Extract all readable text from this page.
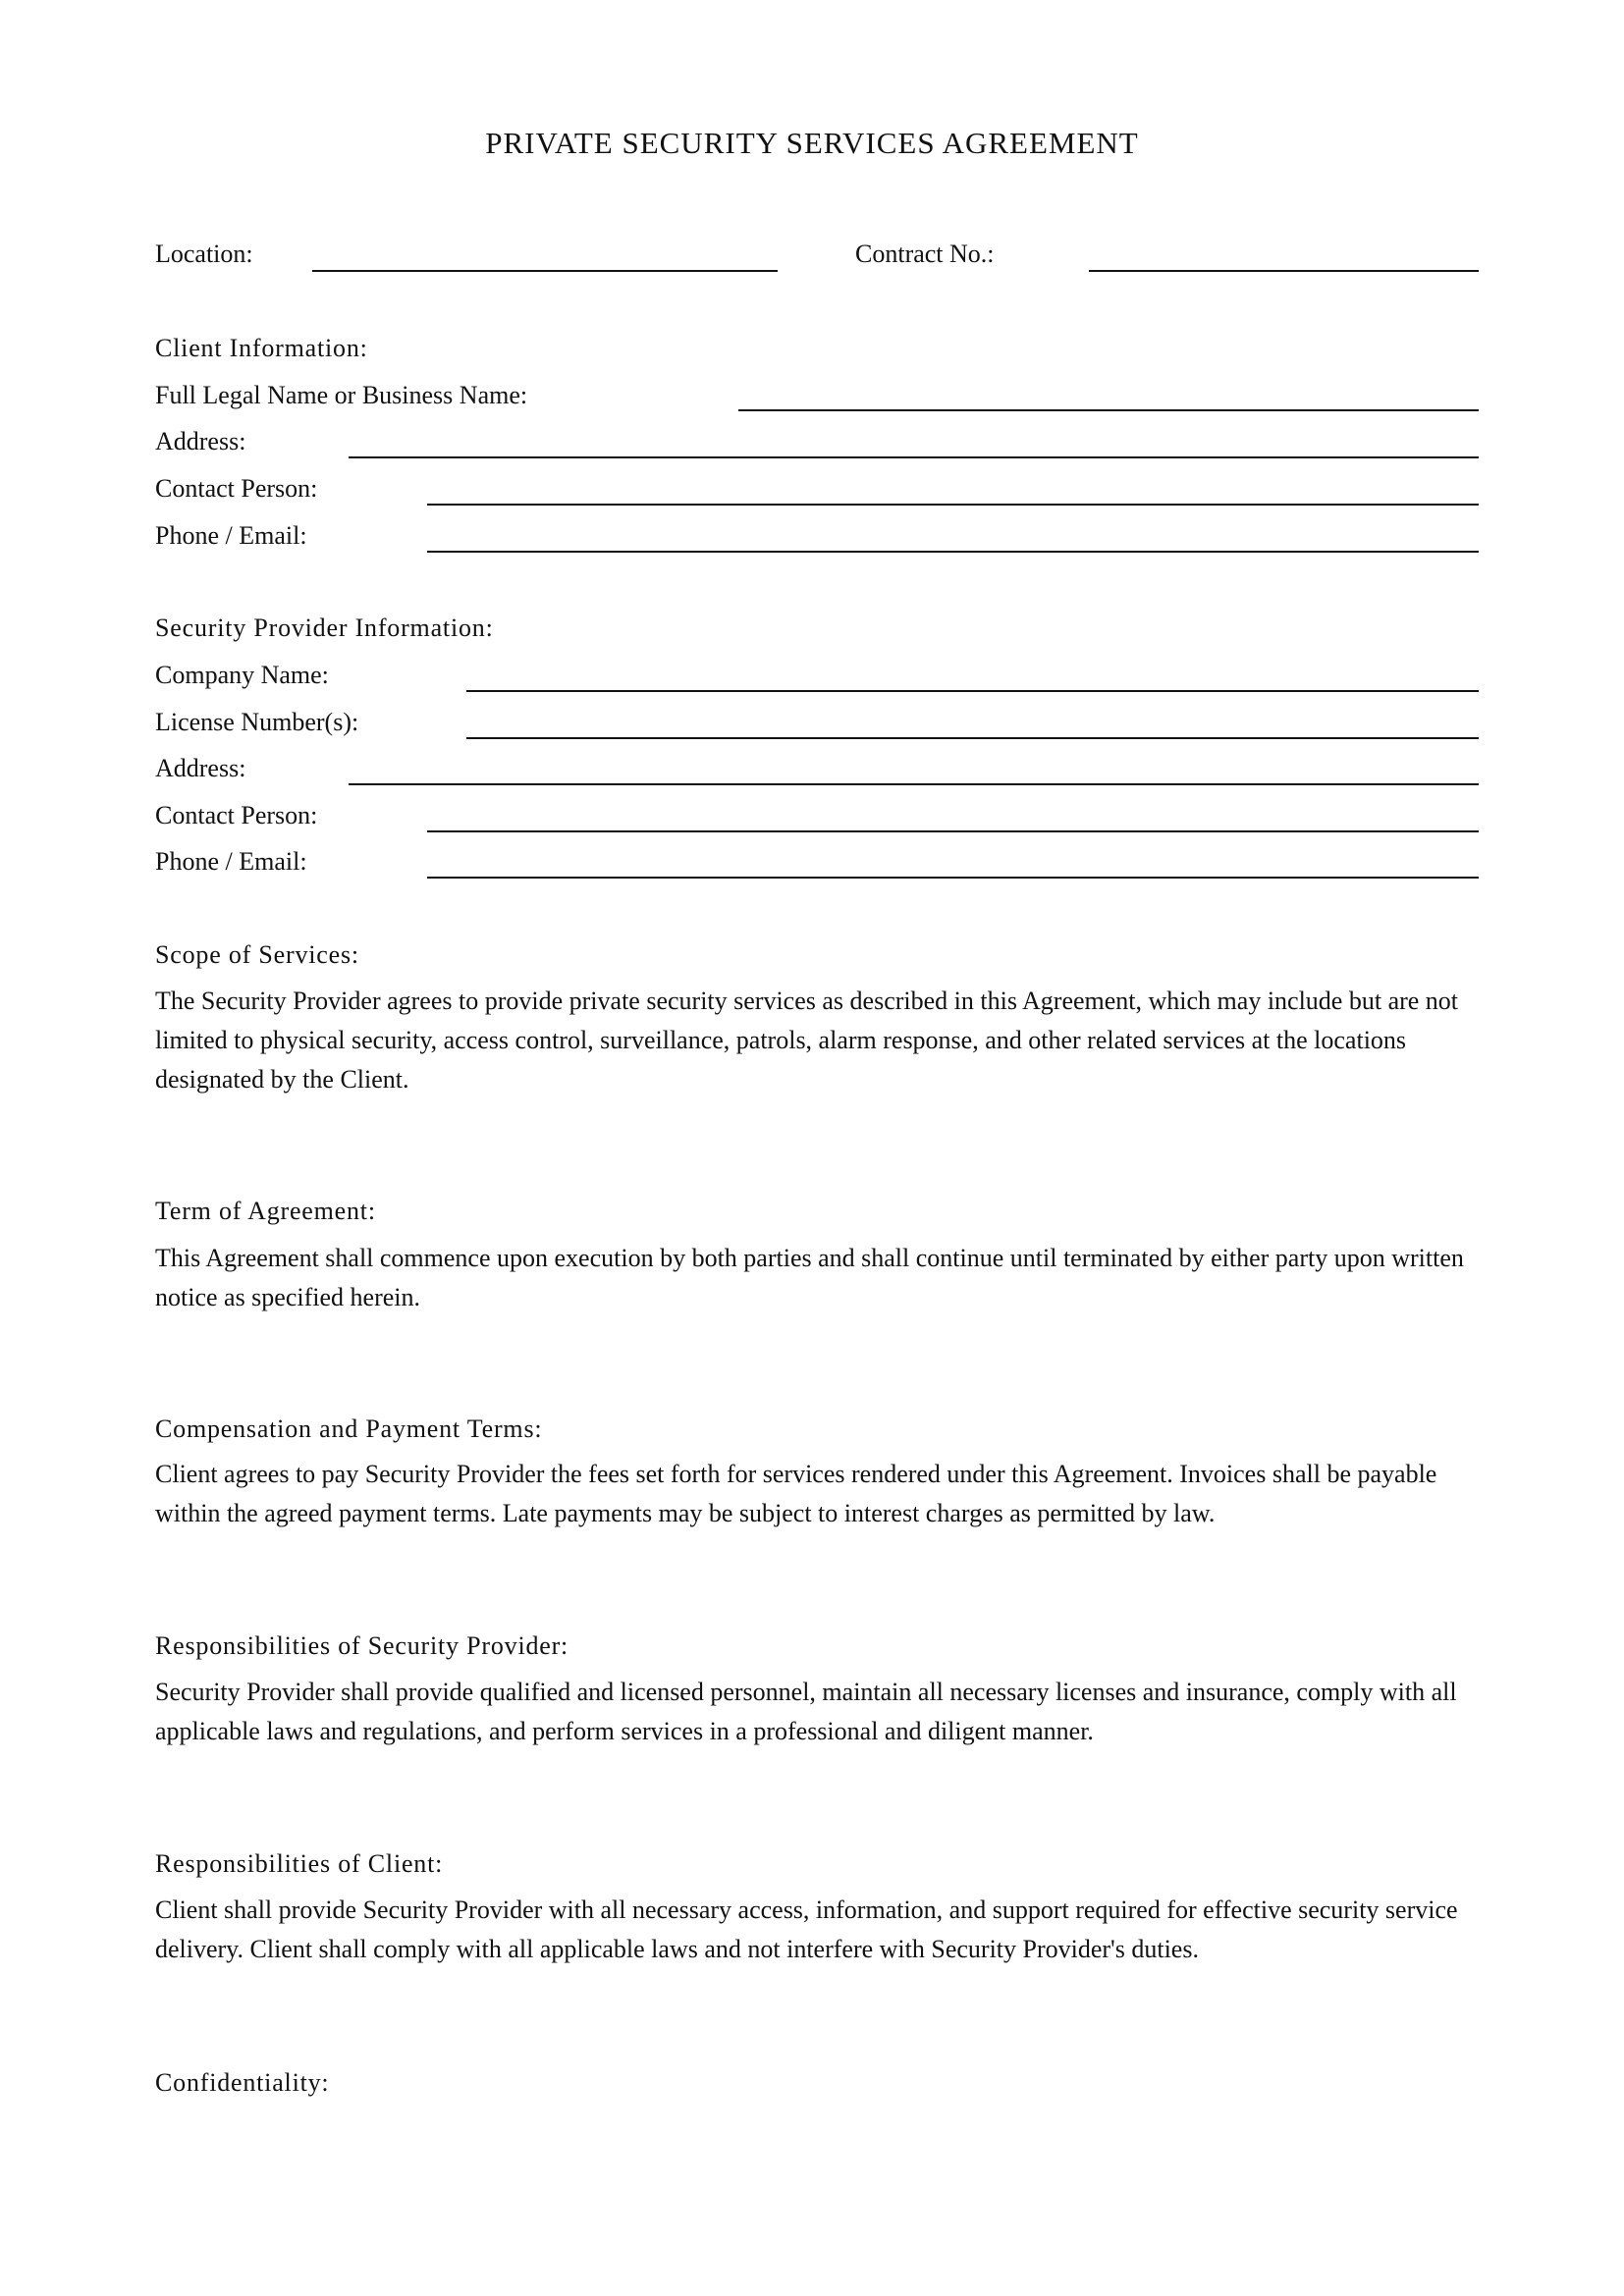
PRIVATE SECURITY SERVICES AGREEMENT
Location:	Contract No.:
Client Information:
Full Legal Name or Business Name:
Address:
Contact Person:
Phone / Email:
Security Provider Information:
Company Name:
License Number(s):
Address:
Contact Person:
Phone / Email:
Scope of Services:
The Security Provider agrees to provide private security services as described in this Agreement, which may include but are not limited to physical security, access control, surveillance, patrols, alarm response, and other related services at the locations designated by the Client.
Term of Agreement:
This Agreement shall commence upon execution by both parties and shall continue until terminated by either party upon written notice as specified herein.
Compensation and Payment Terms:
Client agrees to pay Security Provider the fees set forth for services rendered under this Agreement. Invoices shall be payable within the agreed payment terms. Late payments may be subject to interest charges as permitted by law.
Responsibilities of Security Provider:
Security Provider shall provide qualified and licensed personnel, maintain all necessary licenses and insurance, comply with all applicable laws and regulations, and perform services in a professional and diligent manner.
Responsibilities of Client:
Client shall provide Security Provider with all necessary access, information, and support required for effective security service delivery. Client shall comply with all applicable laws and not interfere with Security Provider's duties.
Confidentiality:
